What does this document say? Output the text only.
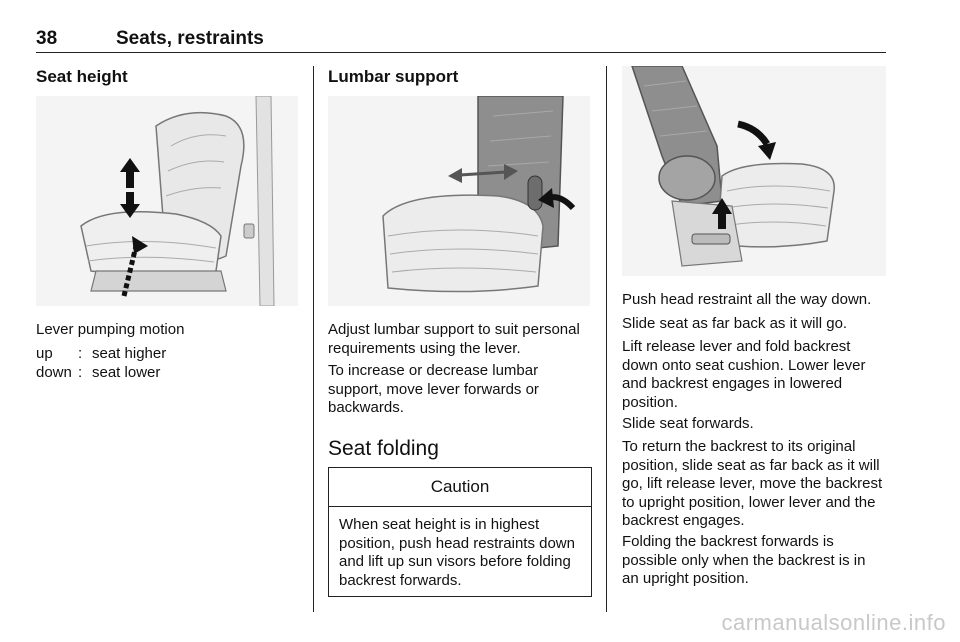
38	Seats, restraints
Seat height

Lever pumping motion

up	: seat higher
down : seat lower
Lumbar support

Adjust lumbar support to suit personal requirements using the lever.

To increase or decrease lumbar support, move lever forwards or backwards.

Seat folding
Caution

When seat height is in highest position, push head restraints down and lift up sun visors before folding backrest forwards.

Push head restraint all the way down.

Slide seat as far back as it will go.

Lift release lever and fold backrest down onto seat cushion. Lower lever and backrest engages in lowered position.

Slide seat forwards.

To return the backrest to its original position, slide seat as far back as it will go, lift release lever, move the backrest to upright position, lower lever and the backrest engages.

Folding the backrest forwards is possible only when the backrest is in an upright position.

carmanualsonline.info
